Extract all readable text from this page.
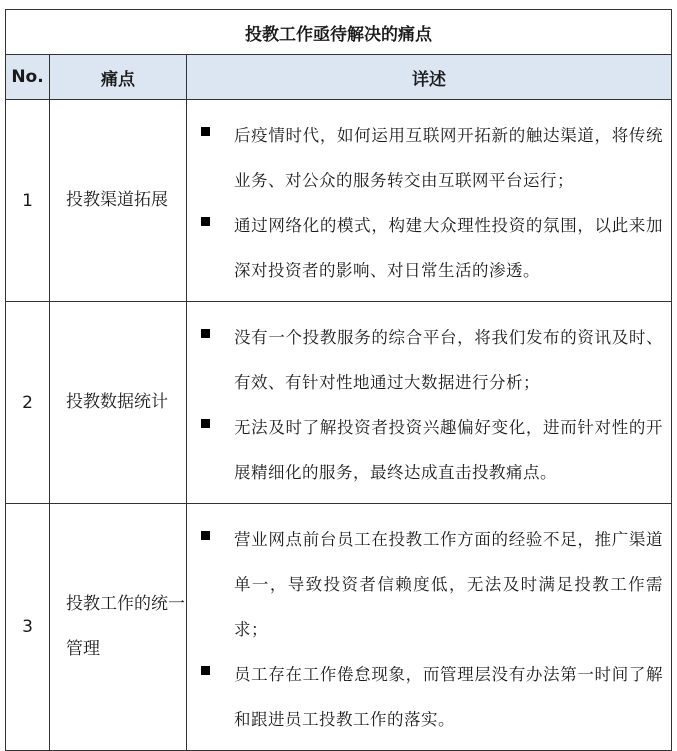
投教工作亟待解决的痛点		
No.	痛点	详述
1	投教渠道拓展	后疫情时代，如何运用互联网开拓新的触达渠道，将传统业务、对公众的服务转交由互联网平台运行；
通过网络化的模式，构建大众理性投资的氛围，以此来加深对投资者的影响、对日常生活的渗透。

2	投教数据统计	没有一个投教服务的综合平台，将我们发布的资讯及时、有效、有针对性地通过大数据进行分析；
无法及时了解投资者投资兴趣偏好变化，进而针对性的开展精细化的服务，最终达成直击投教痛点。

3	投教工作的统一管理	营业网点前台员工在投教工作方面的经验不足，推广渠道单一，导致投资者信赖度低，无法及时满足投教工作需求；
员工存在工作倦怠现象，而管理层没有办法第一时间了解和跟进员工投教工作的落实。
